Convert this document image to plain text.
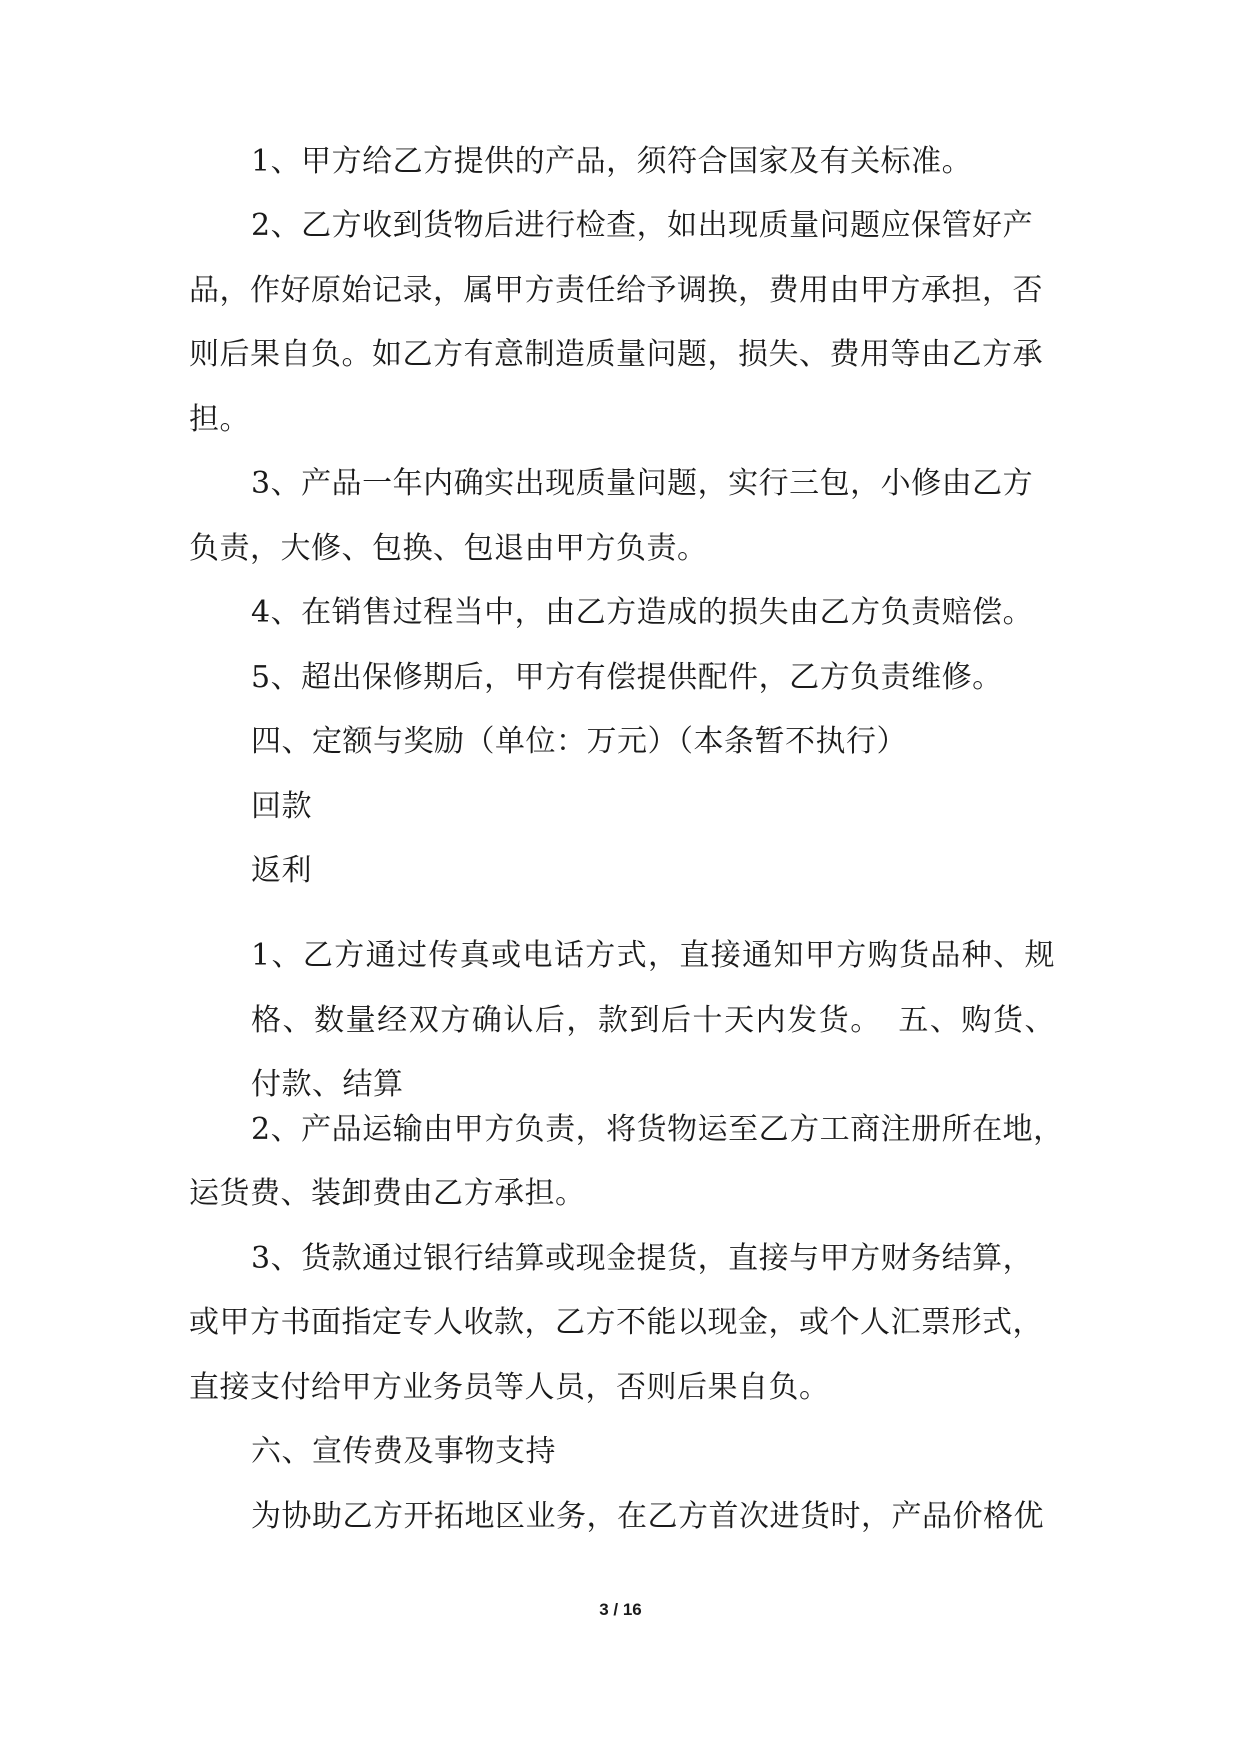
1、甲方给乙方提供的产品，须符合国家及有关标准。
2、乙方收到货物后进行检查，如出现质量问题应保管好产
品，作好原始记录，属甲方责任给予调换，费用由甲方承担，否
则后果自负。如乙方有意制造质量问题，损失、费用等由乙方承
担。
3、产品一年内确实出现质量问题，实行三包，小修由乙方
负责，大修、包换、包退由甲方负责。
4、在销售过程当中，由乙方造成的损失由乙方负责赔偿。
5、超出保修期后，甲方有偿提供配件，乙方负责维修。
四、定额与奖励（单位：万元）（本条暂不执行）
回款
返利
1、乙方通过传真或电话方式，直接通知甲方购货品种、规格、数量经双方确认后，款到后十天内发货。　五、购货、付款、结算
2、产品运输由甲方负责，将货物运至乙方工商注册所在地，
运货费、装卸费由乙方承担。
3、货款通过银行结算或现金提货，直接与甲方财务结算，
或甲方书面指定专人收款，乙方不能以现金，或个人汇票形式，
直接支付给甲方业务员等人员，否则后果自负。
六、宣传费及事物支持
为协助乙方开拓地区业务，在乙方首次进货时，产品价格优
3 / 16
